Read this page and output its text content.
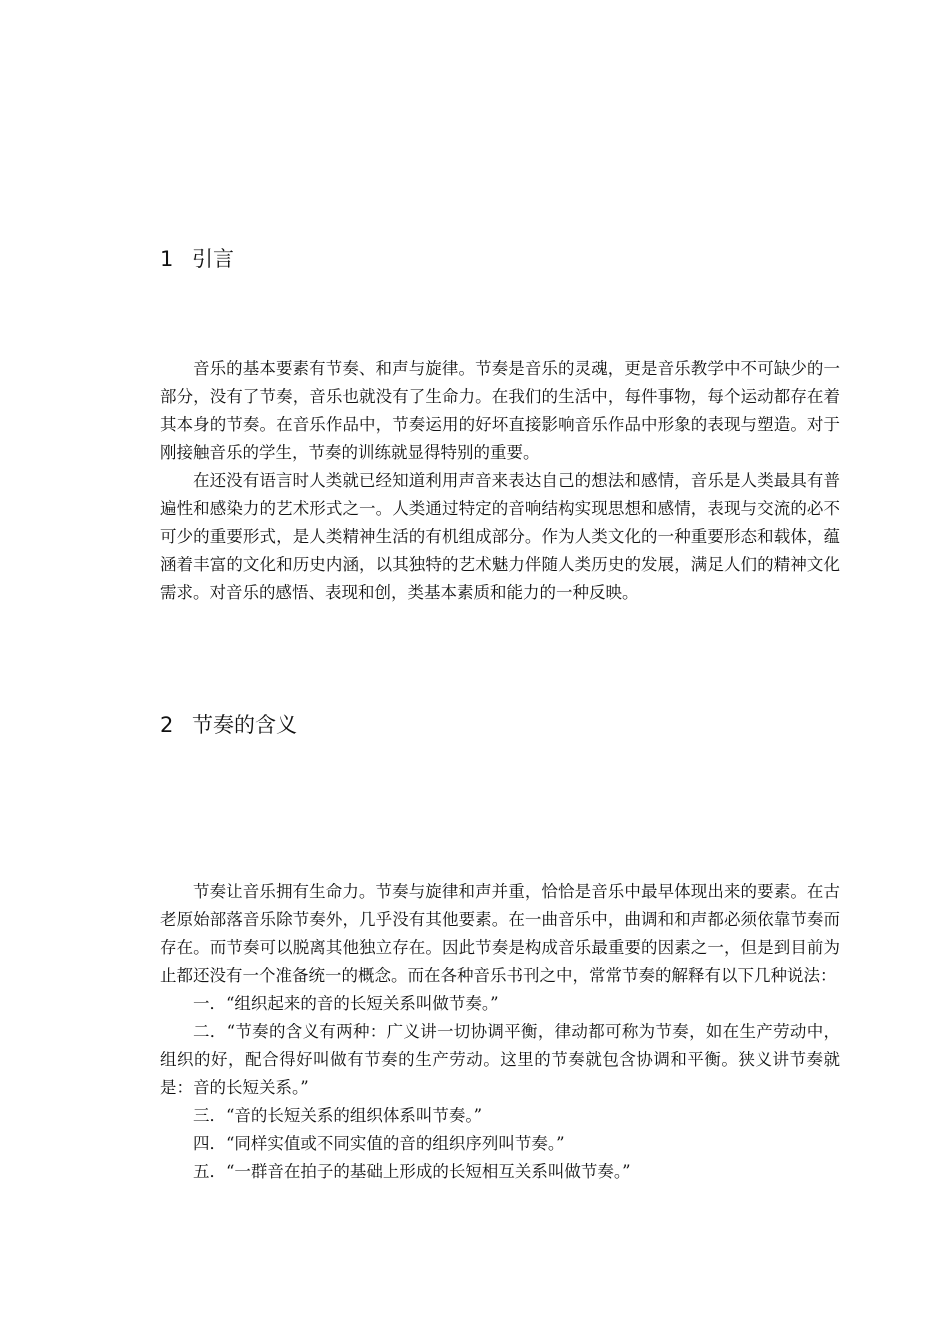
1 引言

音乐的基本要素有节奏、和声与旋律。节奏是音乐的灵魂，更是音乐教学中不可缺少的一部分，没有了节奏，音乐也就没有了生命力。在我们的生活中，每件事物，每个运动都存在着其本身的节奏。在音乐作品中，节奏运用的好坏直接影响音乐作品中形象的表现与塑造。对于刚接触音乐的学生，节奏的训练就显得特别的重要。

在还没有语言时人类就已经知道利用声音来表达自己的想法和感情，音乐是人类最具有普遍性和感染力的艺术形式之一。人类通过特定的音响结构实现思想和感情，表现与交流的必不可少的重要形式，是人类精神生活的有机组成部分。作为人类文化的一种重要形态和载体，蕴涵着丰富的文化和历史内涵，以其独特的艺术魅力伴随人类历史的发展，满足人们的精神文化需求。对音乐的感悟、表现和创，类基本素质和能力的一种反映。

2 节奏的含义

节奏让音乐拥有生命力。节奏与旋律和声并重，恰恰是音乐中最早体现出来的要素。在古老原始部落音乐除节奏外，几乎没有其他要素。在一曲音乐中，曲调和和声都必须依靠节奏而存在。而节奏可以脱离其他独立存在。因此节奏是构成音乐最重要的因素之一，但是到目前为止都还没有一个准备统一的概念。而在各种音乐书刊之中，常常节奏的解释有以下几种说法：

一．“组织起来的音的长短关系叫做节奏。”

二．“节奏的含义有两种：广义讲一切协调平衡，律动都可称为节奏，如在生产劳动中，组织的好，配合得好叫做有节奏的生产劳动。这里的节奏就包含协调和平衡。狭义讲节奏就是：音的长短关系。”

三．“音的长短关系的组织体系叫节奏。”

四．“同样实值或不同实值的音的组织序列叫节奏。”

五．“一群音在拍子的基础上形成的长短相互关系叫做节奏。”
